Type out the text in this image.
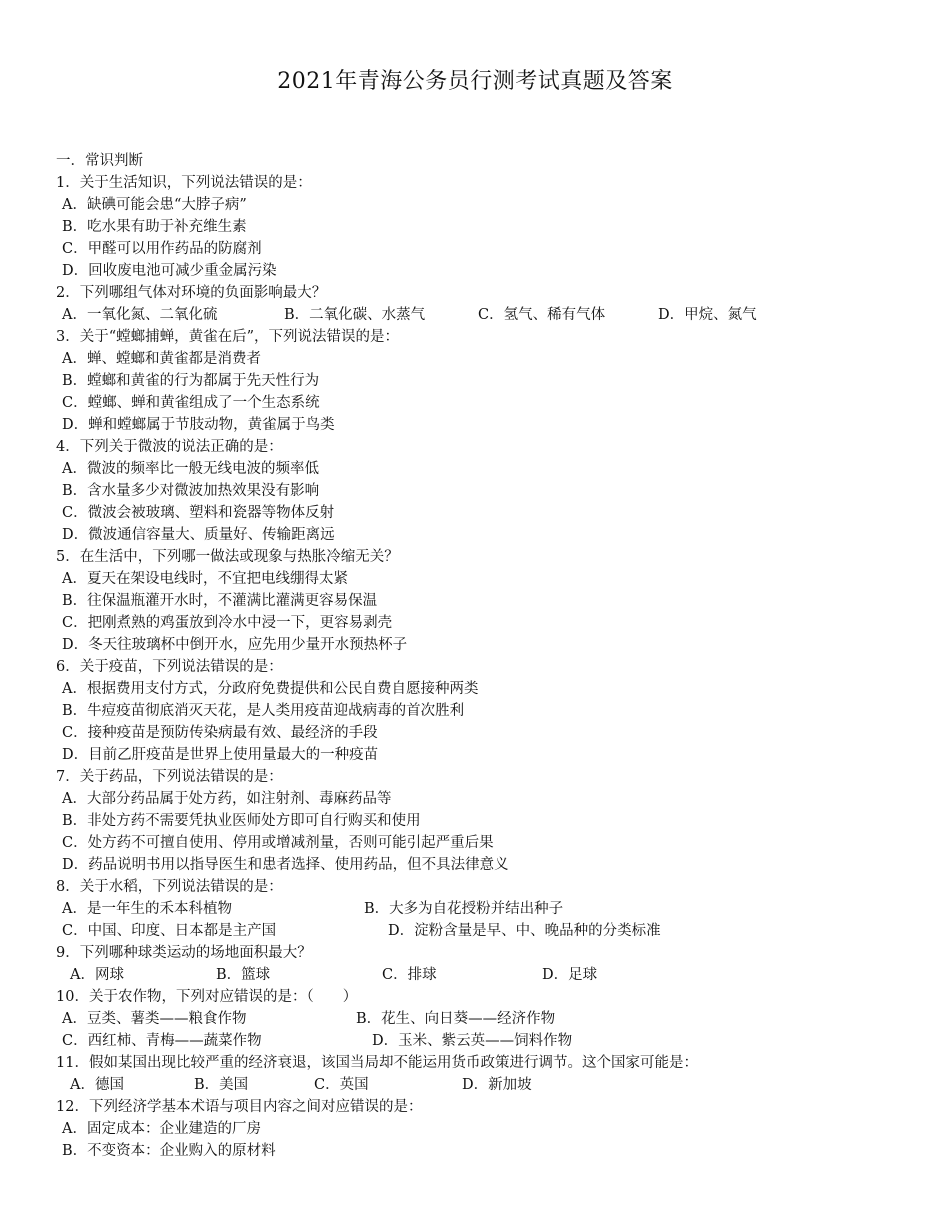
2021年青海公务员行测考试真题及答案
一．常识判断
1．关于生活知识，下列说法错误的是：
A．缺碘可能会患“大脖子病”
B．吃水果有助于补充维生素
C．甲醛可以用作药品的防腐剂
D．回收废电池可减少重金属污染
2．下列哪组气体对环境的负面影响最大？
A．一氧化氮、二氧化硫	B．二氧化碳、水蒸气	C．氢气、稀有气体	D．甲烷、氮气
3．关于“螳螂捕蝉，黄雀在后”，下列说法错误的是：
A．蝉、螳螂和黄雀都是消费者
B．螳螂和黄雀的行为都属于先天性行为
C．螳螂、蝉和黄雀组成了一个生态系统
D．蝉和螳螂属于节肢动物，黄雀属于鸟类
4．下列关于微波的说法正确的是：
A．微波的频率比一般无线电波的频率低
B．含水量多少对微波加热效果没有影响
C．微波会被玻璃、塑料和瓷器等物体反射
D．微波通信容量大、质量好、传输距离远
5．在生活中，下列哪一做法或现象与热胀冷缩无关？
A．夏天在架设电线时，不宜把电线绷得太紧
B．往保温瓶灌开水时，不灌满比灌满更容易保温
C．把刚煮熟的鸡蛋放到冷水中浸一下，更容易剥壳
D．冬天往玻璃杯中倒开水，应先用少量开水预热杯子
6．关于疫苗，下列说法错误的是：
A．根据费用支付方式，分政府免费提供和公民自费自愿接种两类
B．牛痘疫苗彻底消灭天花，是人类用疫苗迎战病毒的首次胜利
C．接种疫苗是预防传染病最有效、最经济的手段
D．目前乙肝疫苗是世界上使用量最大的一种疫苗
7．关于药品，下列说法错误的是：
A．大部分药品属于处方药，如注射剂、毒麻药品等
B．非处方药不需要凭执业医师处方即可自行购买和使用
C．处方药不可擅自使用、停用或增减剂量，否则可能引起严重后果
D．药品说明书用以指导医生和患者选择、使用药品，但不具法律意义
8．关于水稻，下列说法错误的是：
A．是一年生的禾本科植物	B．大多为自花授粉并结出种子
C．中国、印度、日本都是主产国	D．淀粉含量是早、中、晚品种的分类标准
9．下列哪种球类运动的场地面积最大？
A．网球	B．篮球	C．排球	D．足球
10．关于农作物，下列对应错误的是：（　　）
A．豆类、薯类——粮食作物	B．花生、向日葵——经济作物
C．西红柿、青梅——蔬菜作物	D．玉米、紫云英——饲料作物
11．假如某国出现比较严重的经济衰退，该国当局却不能运用货币政策进行调节。这个国家可能是：
A．德国	B．美国	C．英国	D．新加坡
12．下列经济学基本术语与项目内容之间对应错误的是：
A．固定成本：企业建造的厂房
B．不变资本：企业购入的原材料
